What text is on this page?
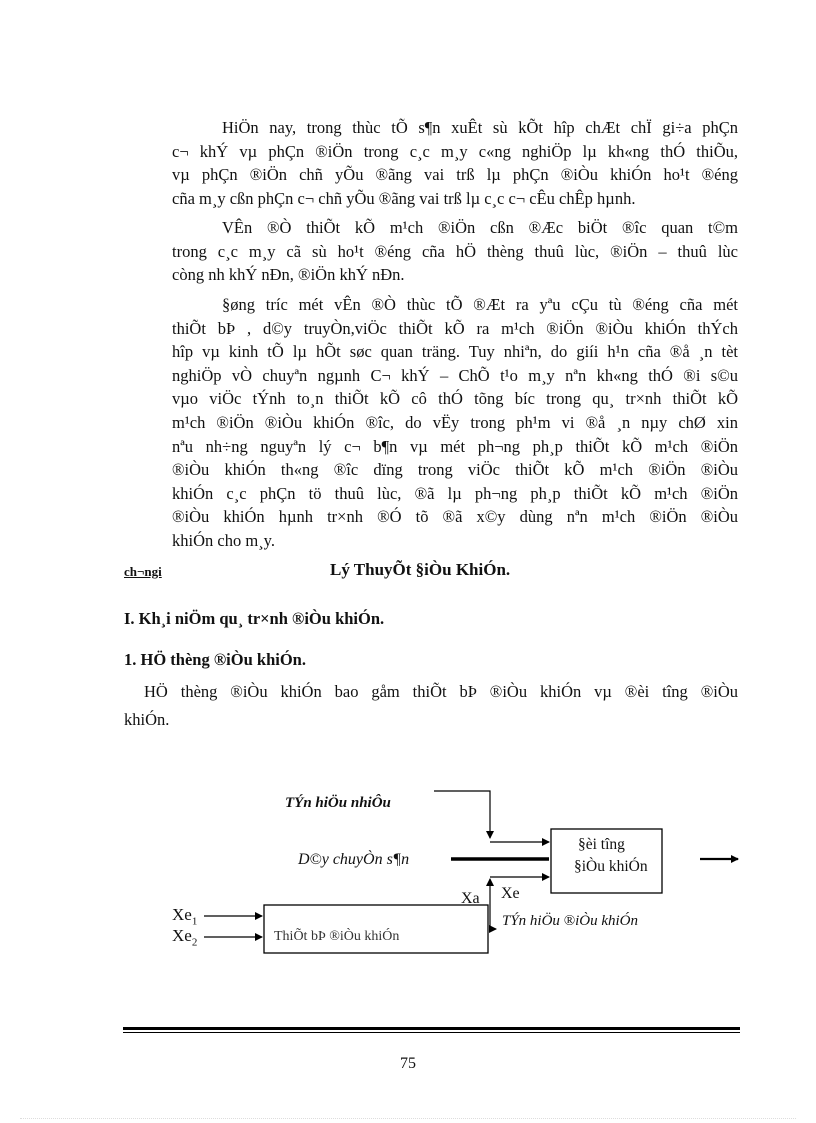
HiÖn nay, trong thùc tÕ s¶n xuÊt sù kÕt hîp chÆt chÏ gi÷a phÇn
c¬ khÝ vµ phÇn ®iÖn trong c¸c m¸y c«ng nghiÖp lµ kh«ng thÓ thiÕu,
vµ phÇn ®iÖn chñ yÕu ®ãng vai trß lµ phÇn ®iÒu khiÓn ho¹t ®éng
cña m¸y cßn phÇn c¬ chñ yÕu ®ãng vai trß lµ c¸c c¬ cÊu chÊp hµnh.
VÊn ®Ò thiÕt kÕ m¹ch ®iÖn cßn ®Æc biÖt ®îc quan t©m
trong c¸c m¸y cã sù ho¹t ®éng cña hÖ thèng thuû lùc, ®iÖn – thuû lùc
còng nh khÝ nÐn, ®iÖn khÝ nÐn.
§øng tríc mét vÊn ®Ò thùc tÕ ®Æt ra yªu cÇu tù ®éng cña mét
thiÕt bÞ , d©y truyÒn,viÖc thiÕt kÕ ra m¹ch ®iÖn ®iÒu khiÓn thÝch
hîp vµ kinh tÕ lµ hÕt søc quan träng. Tuy nhiªn, do giíi h¹n cña ®å ¸n tèt
nghiÖp vÒ chuyªn ngµnh C¬ khÝ – ChÕ t¹o m¸y nªn kh«ng thÓ ®i s©u
vµo viÖc tÝnh to¸n thiÕt kÕ cô thÓ tõng bíc trong qu¸ tr×nh thiÕt kÕ
m¹ch ®iÖn ®iÒu khiÓn ®îc, do vËy trong ph¹m vi ®å ¸n nµy chØ xin
nªu nh÷ng nguyªn lý c¬ b¶n vµ mét ph¬ng ph¸p thiÕt kÕ m¹ch ®iÖn
®iÒu khiÓn th«ng ®îc dïng trong viÖc thiÕt kÕ m¹ch ®iÖn ®iÒu
khiÓn c¸c phÇn tö thuû lùc, ®ã lµ ph¬ng ph¸p thiÕt kÕ m¹ch ®iÖn
®iÒu khiÓn hµnh tr×nh ®Ó tõ ®ã x©y dùng nªn m¹ch ®iÖn ®iÒu
khiÓn cho m¸y.
ch¬ngi	Lý ThuyÕt §iÒu KhiÓn.
I. Kh¸i niÖm qu¸ tr×nh ®iÒu khiÓn.
1. HÖ thèng ®iÒu khiÓn.
HÖ thèng ®iÒu khiÓn bao gåm thiÕt bÞ ®iÒu khiÓn vµ ®èi tîng ®iÒu
khiÓn.
TÝn hiÖu nhiÔu
D©y chuyÒn s¶n
§èi tîng
§iÒu khiÓn
Xa Xe
TÝn hiÖu ®iÒu khiÓn
$Xe_1$
$Xe_2$	ThiÕt bÞ ®iÒu khiÓn
75
